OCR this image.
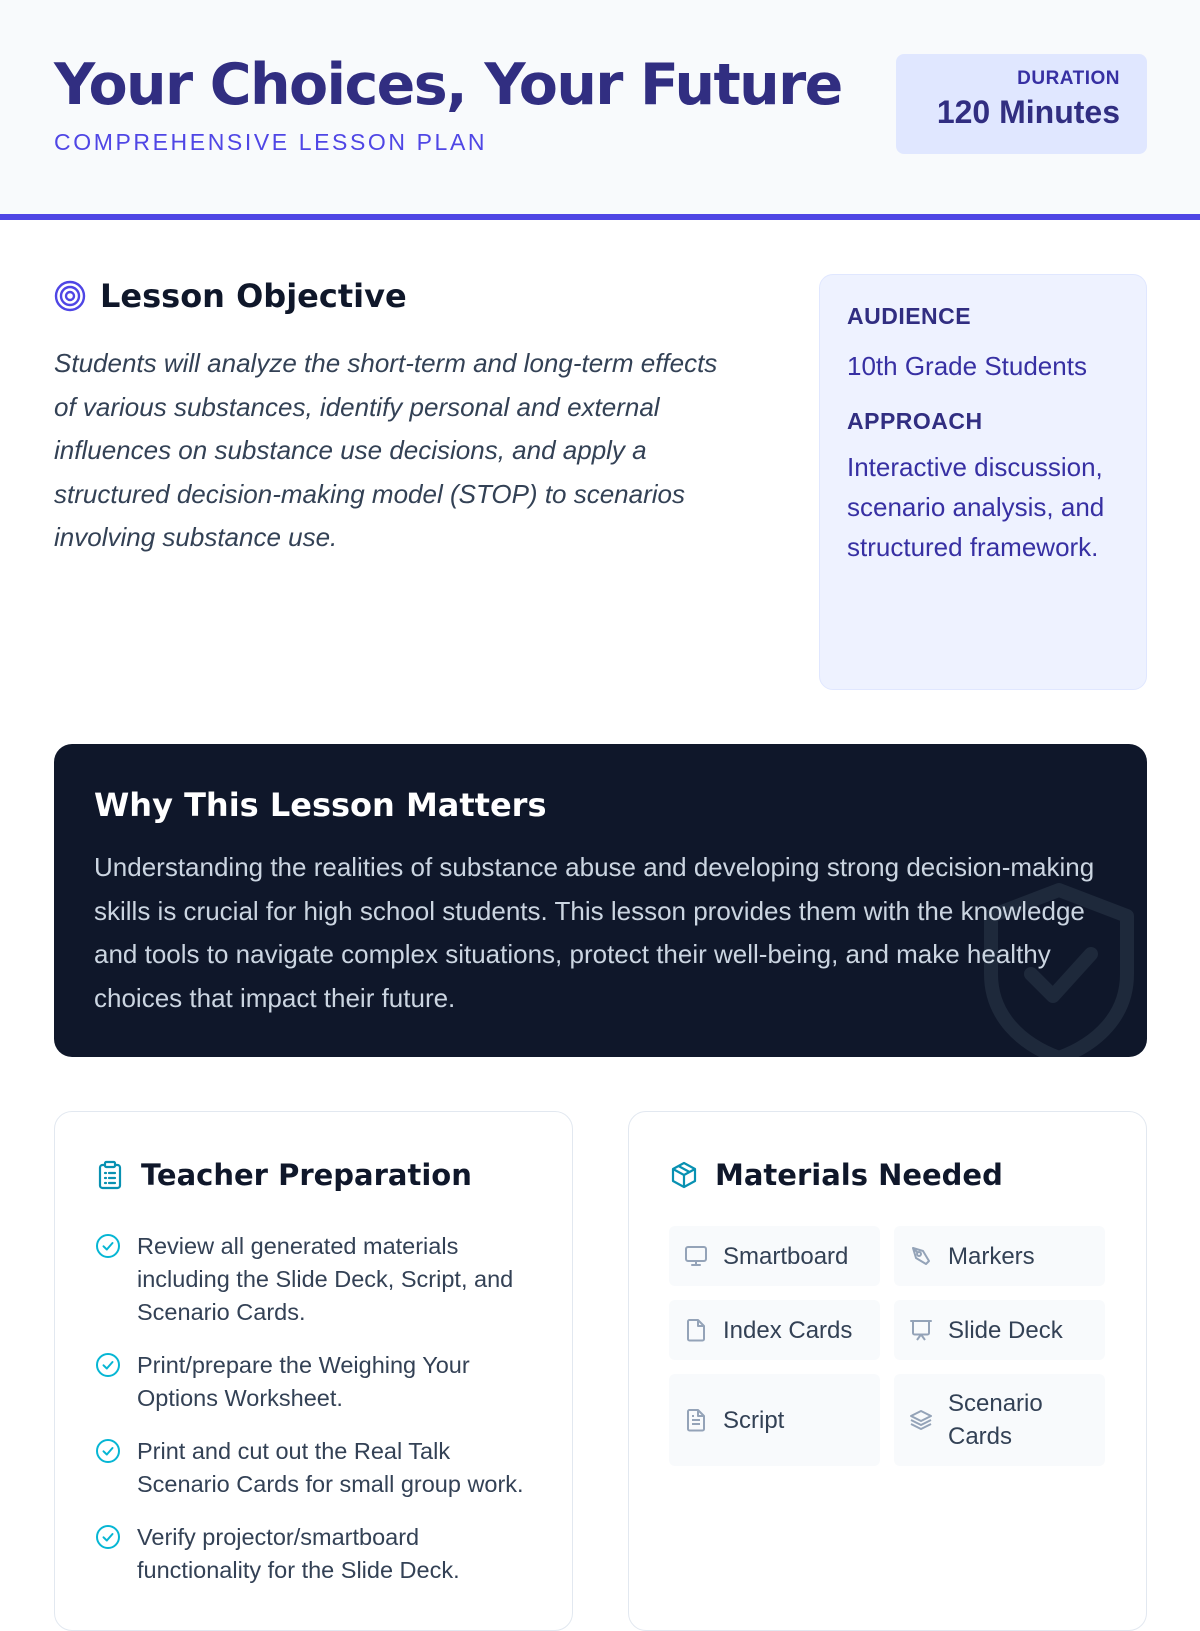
Your Choices, Your Future
COMPREHENSIVE LESSON PLAN
DURATION
120 Minutes
Lesson Objective

Students will analyze the short-term and long-term effects of various substances, identify personal and external influences on substance use decisions, and apply a structured decision-making model (STOP) to scenarios involving substance use.

AUDIENCE
10th Grade Students
APPROACH
Interactive discussion, scenario analysis, and structured framework.
Why This Lesson Matters

Understanding the realities of substance abuse and developing strong decision-making skills is crucial for high school students. This lesson provides them with the knowledge and tools to navigate complex situations, protect their well-being, and make healthy choices that impact their future.

Teacher Preparation
Review all generated materials including the Slide Deck, Script, and Scenario Cards.
Print/prepare the Weighing Your Options Worksheet.
Print and cut out the Real Talk Scenario Cards for small group work.
Verify projector/smartboard functionality for the Slide Deck.
Materials Needed
Smartboard	Markers
Index Cards	Slide Deck
Script
Scenario Cards
